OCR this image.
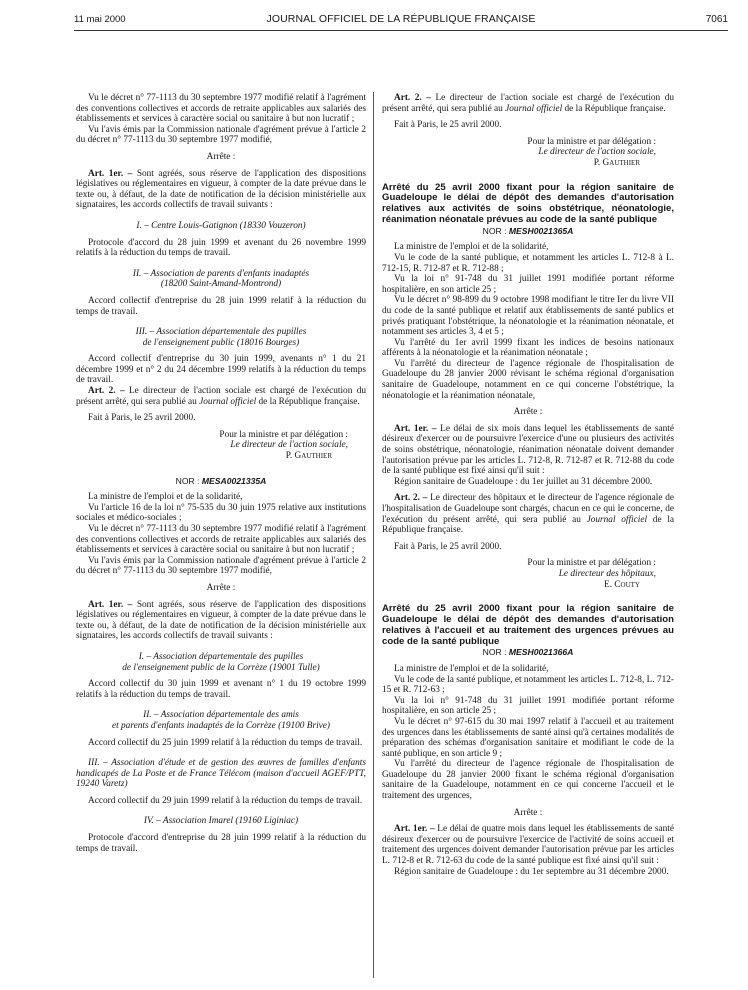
11 mai 2000	JOURNAL OFFICIEL DE LA RÉPUBLIQUE FRANÇAISE	7061

Vu le décret n° 77-1113 du 30 septembre 1977 modifié relatif à l'agrément des conventions collectives et accords de retraite applicables aux salariés des établissements et services à caractère social ou sanitaire à but non lucratif ;

Vu l'avis émis par la Commission nationale d'agrément prévue à l'article 2 du décret n° 77-1113 du 30 septembre 1977 modifié,

Arrête :

Art. 1er. – Sont agréés, sous réserve de l'application des dispositions législatives ou réglementaires en vigueur, à compter de la date prévue dans le texte ou, à défaut, de la date de notification de la décision ministérielle aux signataires, les accords collectifs de travail suivants :

I. – Centre Louis-Gatignon (18330 Vouzeron)

Protocole d'accord du 28 juin 1999 et avenant du 26 novembre 1999 relatifs à la réduction du temps de travail.

II. – Association de parents d'enfants inadaptés

(18200 Saint-Amand-Montrond)

Accord collectif d'entreprise du 28 juin 1999 relatif à la réduction du temps de travail.

III. – Association départementale des pupilles

de l'enseignement public (18016 Bourges)

Accord collectif d'entreprise du 30 juin 1999, avenants n° 1 du 21 décembre 1999 et n° 2 du 24 décembre 1999 relatifs à la réduction du temps de travail.

Art. 2. – Le directeur de l'action sociale est chargé de l'exécution du présent arrêté, qui sera publié au Journal officiel de la République française.

Fait à Paris, le 25 avril 2000.

Pour la ministre et par délégation :

Le directeur de l'action sociale,

P. Gauthier

NOR : MESA0021335A

La ministre de l'emploi et de la solidarité,

Vu l'article 16 de la loi n° 75-535 du 30 juin 1975 relative aux institutions sociales et médico-sociales ;

Vu le décret n° 77-1113 du 30 septembre 1977 modifié relatif à l'agrément des conventions collectives et accords de retraite applicables aux salariés des établissements et services à caractère social ou sanitaire à but non lucratif ;

Vu l'avis émis par la Commission nationale d'agrément prévue à l'article 2 du décret n° 77-1113 du 30 septembre 1977 modifié,

Arrête :

Art. 1er. – Sont agréés, sous réserve de l'application des dispositions législatives ou réglementaires en vigueur, à compter de la date prévue dans le texte ou, à défaut, de la date de notification de la décision ministérielle aux signataires, les accords collectifs de travail suivants :

I. – Association départementale des pupilles

de l'enseignement public de la Corrèze (19001 Tulle)

Accord collectif du 30 juin 1999 et avenant n° 1 du 19 octobre 1999 relatifs à la réduction du temps de travail.

II. – Association départementale des amis

et parents d'enfants inadaptés de la Corrèze (19100 Brive)

Accord collectif du 25 juin 1999 relatif à la réduction du temps de travail.

III. – Association d'étude et de gestion des œuvres de familles d'enfants handicapés de La Poste et de France Télécom (maison d'accueil AGEF/PTT, 19240 Varetz)

Accord collectif du 29 juin 1999 relatif à la réduction du temps de travail.

IV. – Association Imarel (19160 Liginiac)

Protocole d'accord d'entreprise du 28 juin 1999 relatif à la réduction du temps de travail.

Art. 2. – Le directeur de l'action sociale est chargé de l'exécution du présent arrêté, qui sera publié au Journal officiel de la République française.

Fait à Paris, le 25 avril 2000.

Pour la ministre et par délégation :

Le directeur de l'action sociale,

P. Gauthier

Arrêté du 25 avril 2000 fixant pour la région sanitaire de Guadeloupe le délai de dépôt des demandes d'autorisation relatives aux activités de soins obstétrique, néonatologie, réanimation néonatale prévues au code de la santé publique

NOR : MESH0021365A

La ministre de l'emploi et de la solidarité,

Vu le code de la santé publique, et notamment les articles L. 712-8 à L. 712-15, R. 712-87 et R. 712-88 ;

Vu la loi n° 91-748 du 31 juillet 1991 modifiée portant réforme hospitalière, en son article 25 ;

Vu le décret n° 98-899 du 9 octobre 1998 modifiant le titre Ier du livre VII du code de la santé publique et relatif aux établissements de santé publics et privés pratiquant l'obstétrique, la néonatologie et la réanimation néonatale, et notamment ses articles 3, 4 et 5 ;

Vu l'arrêté du 1er avril 1999 fixant les indices de besoins nationaux afférents à la néonatologie et la réanimation néonatale ;

Vu l'arrêté du directeur de l'agence régionale de l'hospitalisation de Guadeloupe du 28 janvier 2000 révisant le schéma régional d'organisation sanitaire de Guadeloupe, notamment en ce qui concerne l'obstétrique, la néonatologie et la réanimation néonatale,

Arrête :

Art. 1er. – Le délai de six mois dans lequel les établissements de santé désireux d'exercer ou de poursuivre l'exercice d'une ou plusieurs des activités de soins obstétrique, néonatologie, réanimation néonatale doivent demander l'autorisation prévue par les articles L. 712-8, R. 712-87 et R. 712-88 du code de la santé publique est fixé ainsi qu'il suit :

Région sanitaire de Guadeloupe : du 1er juillet au 31 décembre 2000.

Art. 2. – Le directeur des hôpitaux et le directeur de l'agence régionale de l'hospitalisation de Guadeloupe sont chargés, chacun en ce qui le concerne, de l'exécution du présent arrêté, qui sera publié au Journal officiel de la République française.

Fait à Paris, le 25 avril 2000.

Pour la ministre et par délégation :

Le directeur des hôpitaux,

E. Couty

Arrêté du 25 avril 2000 fixant pour la région sanitaire de Guadeloupe le délai de dépôt des demandes d'autorisation relatives à l'accueil et au traitement des urgences prévues au code de la santé publique

NOR : MESH0021366A

La ministre de l'emploi et de la solidarité,

Vu le code de la santé publique, et notamment les articles L. 712-8, L. 712-15 et R. 712-63 ;

Vu la loi n° 91-748 du 31 juillet 1991 modifiée portant réforme hospitalière, en son article 25 ;

Vu le décret n° 97-615 du 30 mai 1997 relatif à l'accueil et au traitement des urgences dans les établissements de santé ainsi qu'à certaines modalités de préparation des schémas d'organisation sanitaire et modifiant le code de la santé publique, en son article 9 ;

Vu l'arrêté du directeur de l'agence régionale de l'hospitalisation de Guadeloupe du 28 janvier 2000 fixant le schéma régional d'organisation sanitaire de la Guadeloupe, notamment en ce qui concerne l'accueil et le traitement des urgences,

Arrête :

Art. 1er. – Le délai de quatre mois dans lequel les établissements de santé désireux d'exercer ou de poursuivre l'exercice de l'activité de soins accueil et traitement des urgences doivent demander l'autorisation prévue par les articles L. 712-8 et R. 712-63 du code de la santé publique est fixé ainsi qu'il suit :

Région sanitaire de Guadeloupe : du 1er septembre au 31 décembre 2000.
